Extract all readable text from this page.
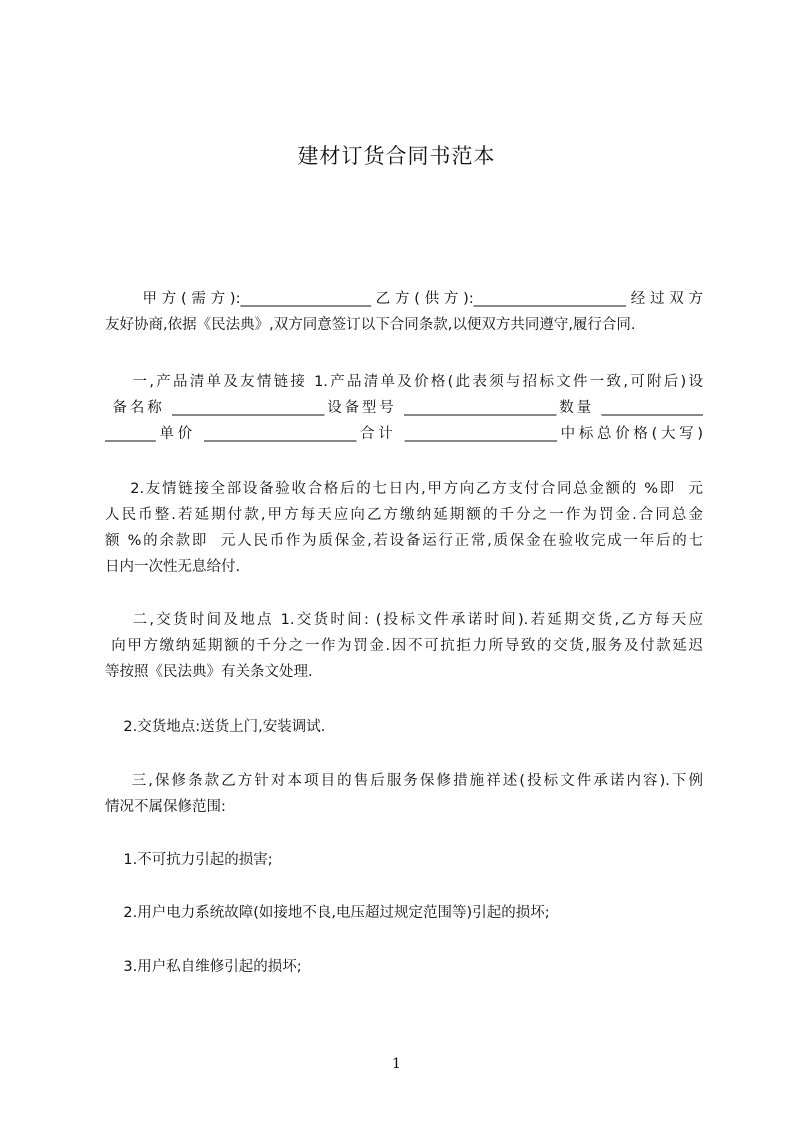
建材订货合同书范本
甲方(需方):__________________乙方(供方):_____________________经过双方
友好协商,依据《民法典》,双方同意签订以下合同条款,以便双方共同遵守,履行合同.
一,产品清单及友情链接 1.产品清单及价格(此表须与招标文件一致,可附后)设
备名称 _____________________设备型号 _____________________数量 ______________
_______单价 _____________________合计 _____________________中标总价格(大写)
2.友情链接全部设备验收合格后的七日内,甲方向乙方支付合同总金额的 %即  元
人民币整.若延期付款,甲方每天应向乙方缴纳延期额的千分之一作为罚金.合同总金
额 %的余款即  元人民币作为质保金,若设备运行正常,质保金在验收完成一年后的七
日内一次性无息给付.
二,交货时间及地点 1.交货时间: (投标文件承诺时间).若延期交货,乙方每天应
向甲方缴纳延期额的千分之一作为罚金.因不可抗拒力所导致的交货,服务及付款延迟
等按照《民法典》有关条文处理.
2.交货地点:送货上门,安装调试.
三,保修条款乙方针对本项目的售后服务保修措施祥述(投标文件承诺内容).下例
情况不属保修范围:
1.不可抗力引起的损害;
2.用户电力系统故障(如接地不良,电压超过规定范围等)引起的损坏;
3.用户私自维修引起的损坏;
1
